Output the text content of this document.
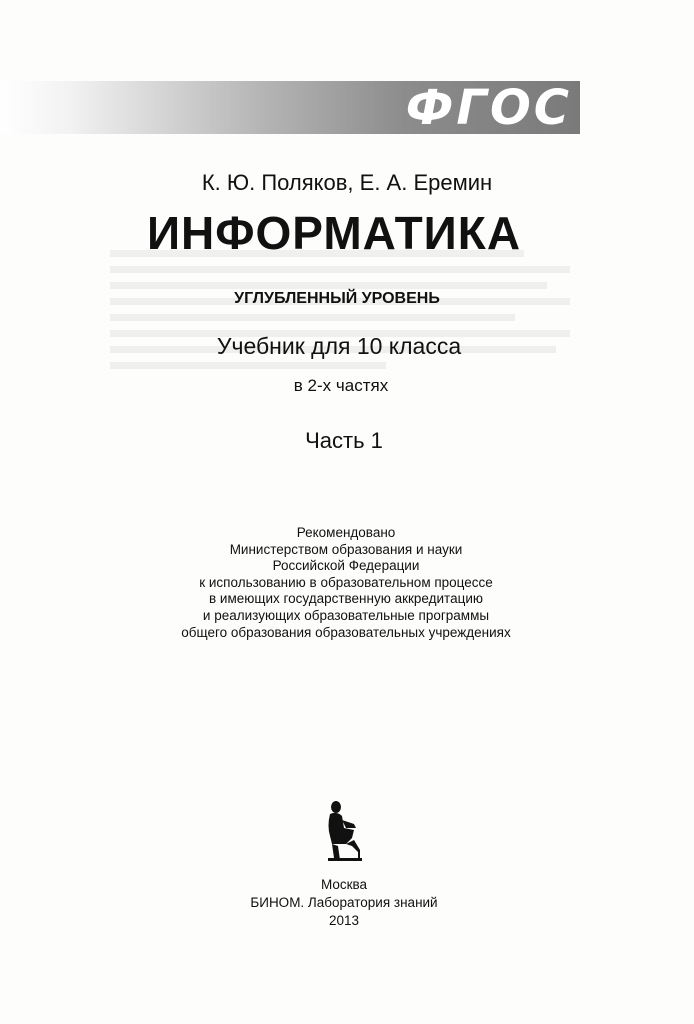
ФГОС
К. Ю. Поляков, Е. А. Еремин
ИНФОРМАТИКА
УГЛУБЛЕННЫЙ УРОВЕНЬ
Учебник для 10 класса
в 2-х частях
Часть 1
Рекомендовано
Министерством образования и науки
Российской Федерации
к использованию в образовательном процессе
в имеющих государственную аккредитацию
и реализующих образовательные программы
общего образования образовательных учреждениях
Москва
БИНОМ. Лаборатория знаний
2013
